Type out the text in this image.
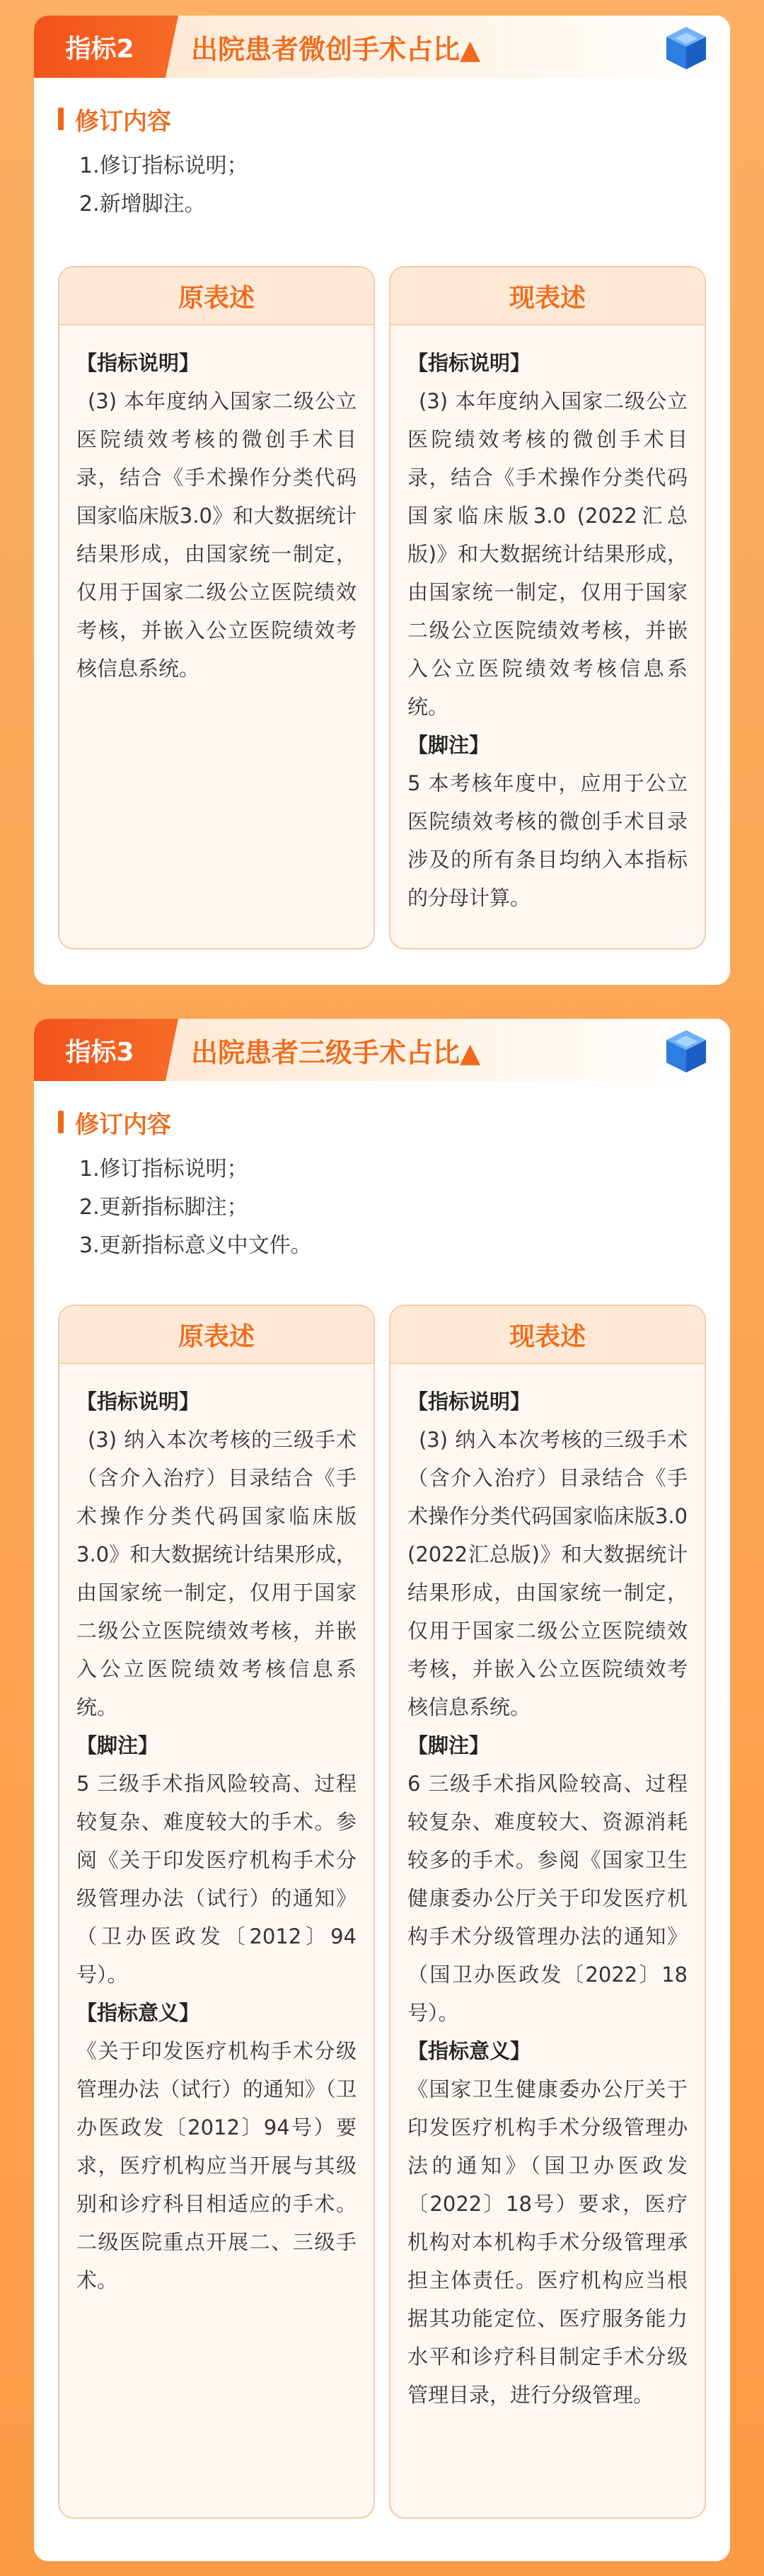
指标2	出院患者微创手术占比▲
修订内容
1.修订指标说明；
2.新增脚注。
原表述
【指标说明】
(3) 本年度纳入国家二级公立医院绩效考核的微创手术目录，结合《手术操作分类代码国家临床版3.0》和大数据统计结果形成，由国家统一制定，仅用于国家二级公立医院绩效考核，并嵌入公立医院绩效考核信息系统。
现表述
【指标说明】
(3) 本年度纳入国家二级公立医院绩效考核的微创手术目录，结合《手术操作分类代码国家临床版3.0 (2022汇总版)》和大数据统计结果形成，由国家统一制定，仅用于国家二级公立医院绩效考核，并嵌入公立医院绩效考核信息系统。
【脚注】
5 本考核年度中，应用于公立医院绩效考核的微创手术目录涉及的所有条目均纳入本指标的分母计算。
指标3	出院患者三级手术占比▲
修订内容
1.修订指标说明；
2.更新指标脚注；
3.更新指标意义中文件。
原表述
【指标说明】
(3) 纳入本次考核的三级手术（含介入治疗）目录结合《手术操作分类代码国家临床版3.0》和大数据统计结果形成，由国家统一制定，仅用于国家二级公立医院绩效考核，并嵌入公立医院绩效考核信息系统。
【脚注】
5 三级手术指风险较高、过程较复杂、难度较大的手术。参阅《关于印发医疗机构手术分级管理办法（试行）的通知》（卫办医政发〔2012〕94号）。
【指标意义】
《关于印发医疗机构手术分级管理办法（试行）的通知》（卫办医政发〔2012〕94号）要求，医疗机构应当开展与其级别和诊疗科目相适应的手术。二级医院重点开展二、三级手术。
现表述
【指标说明】
(3) 纳入本次考核的三级手术（含介入治疗）目录结合《手术操作分类代码国家临床版3.0 (2022汇总版)》和大数据统计结果形成，由国家统一制定，仅用于国家二级公立医院绩效考核，并嵌入公立医院绩效考核信息系统。
【脚注】
6 三级手术指风险较高、过程较复杂、难度较大、资源消耗较多的手术。参阅《国家卫生健康委办公厅关于印发医疗机构手术分级管理办法的通知》（国卫办医政发〔2022〕18号）。
【指标意义】
《国家卫生健康委办公厅关于印发医疗机构手术分级管理办法的通知》（国卫办医政发〔2022〕18号）要求，医疗机构对本机构手术分级管理承担主体责任。医疗机构应当根据其功能定位、医疗服务能力水平和诊疗科目制定手术分级管理目录，进行分级管理。
